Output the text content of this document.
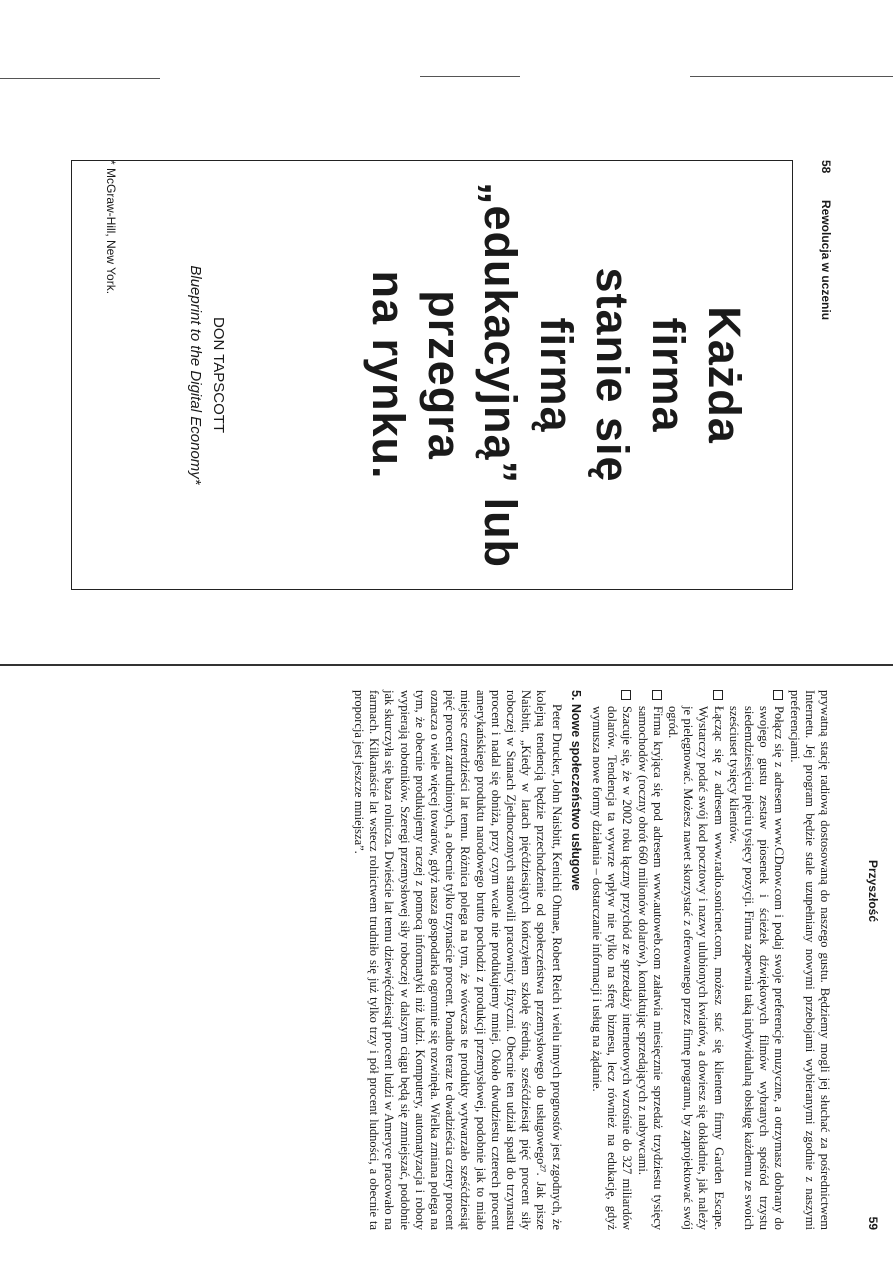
58
Rewolucja w uczeniu
Każda
firma
stanie się
firmą
„edukacyjną” lub
przegra
na rynku.
DON TAPSCOTT
Blueprint to the Digital Economy*
* McGraw-Hill, New York.
Przyszłość
59

prywatną stację radiową dostosowaną do naszego gustu. Będziemy mogli jej słuchać za pośrednictwem Internetu. Jej program będzie stale uzupełniany nowymi przebojami wybieranymi zgodnie z naszymi preferencjami.

Połącz się z adresem www.CDnow.com i podaj swoje preferencje muzyczne, a otrzymasz dobrany do swojego gustu zestaw piosenek i ścieżek dźwiękowych filmów wybranych spośród trzystu siedemdziesięciu pięciu tysięcy pozycji. Firma zapewnia taką indywidualną obsługę każdemu ze swoich sześciuset tysięcy klientów.
Łącząc się z adresem www.radio.sonicnet.com, możesz stać się klientem firmy Garden Escape. Wystarczy podać swój kod pocztowy i nazwy ulubionych kwiatów, a dowiesz się dokładnie, jak należy je pielęgnować. Możesz nawet skorzystać z oferowanego przez firmę programu, by zaprojektować swój ogród.
Firma kryjąca się pod adresem www.autoweb.com załatwia miesięcznie sprzedaż trzydziestu tysięcy samochodów (roczny obrót 660 milionów dolarów), kontaktując sprzedających z nabywcami.
Szacuje się, że w 2002 roku łączny przychód ze sprzedaży internetowych wzrośnie do 327 miliardów dolarów. Tendencja ta wywrze wpływ nie tylko na sferę biznesu, lecz również na edukację, gdyż wymusza nowe formy działania – dostarczanie informacji i usług na żądanie.
5. Nowe społeczeństwo usługowe

Peter Drucker, John Naisbitt, Kenichi Ohmae, Robert Reich i wielu innych prognostów jest zgodnych, że kolejną tendencją będzie przechodzenie od społeczeństwa przemysłowego do usługowego²⁷. Jak pisze Naisbitt, „Kiedy w latach pięćdziesiątych kończyłem szkołę średnią, sześćdziesiąt pięć procent siły roboczej w Stanach Zjednoczonych stanowili pracownicy fizyczni. Obecnie ten udział spadł do trzynastu procent i nadal się obniża, przy czym wcale nie produkujemy mniej. Około dwudziestu czterech procent amerykańskiego produktu narodowego brutto pochodzi z produkcji przemysłowej, podobnie jak to miało miejsce czterdzieści lat temu. Różnica polega na tym, że wówczas te produkty wytwarzało sześćdziesiąt pięć procent zatrudnionych, a obecnie tylko trzynaście procent. Ponadto teraz te dwadzieścia cztery procent oznacza o wiele więcej towarów, gdyż nasza gospodarka ogromnie się rozwinęła. Wielka zmiana polega na tym, że obecnie produkujemy raczej z pomocą informatyki niż ludzi. Komputery, automatyzacja i roboty wypierają robotników. Szeregi przemysłowej siły roboczej w dalszym ciągu będą się zmniejszać, podobnie jak skurczyła się baza rolnicza. Dwieście lat temu dziewięćdziesiąt procent ludzi w Ameryce pracowało na farmach. Kilkanaście lat wstecz rolnictwem trudniło się już tylko trzy i pół procent ludności, a obecnie ta proporcja jest jeszcze mniejsza”.
